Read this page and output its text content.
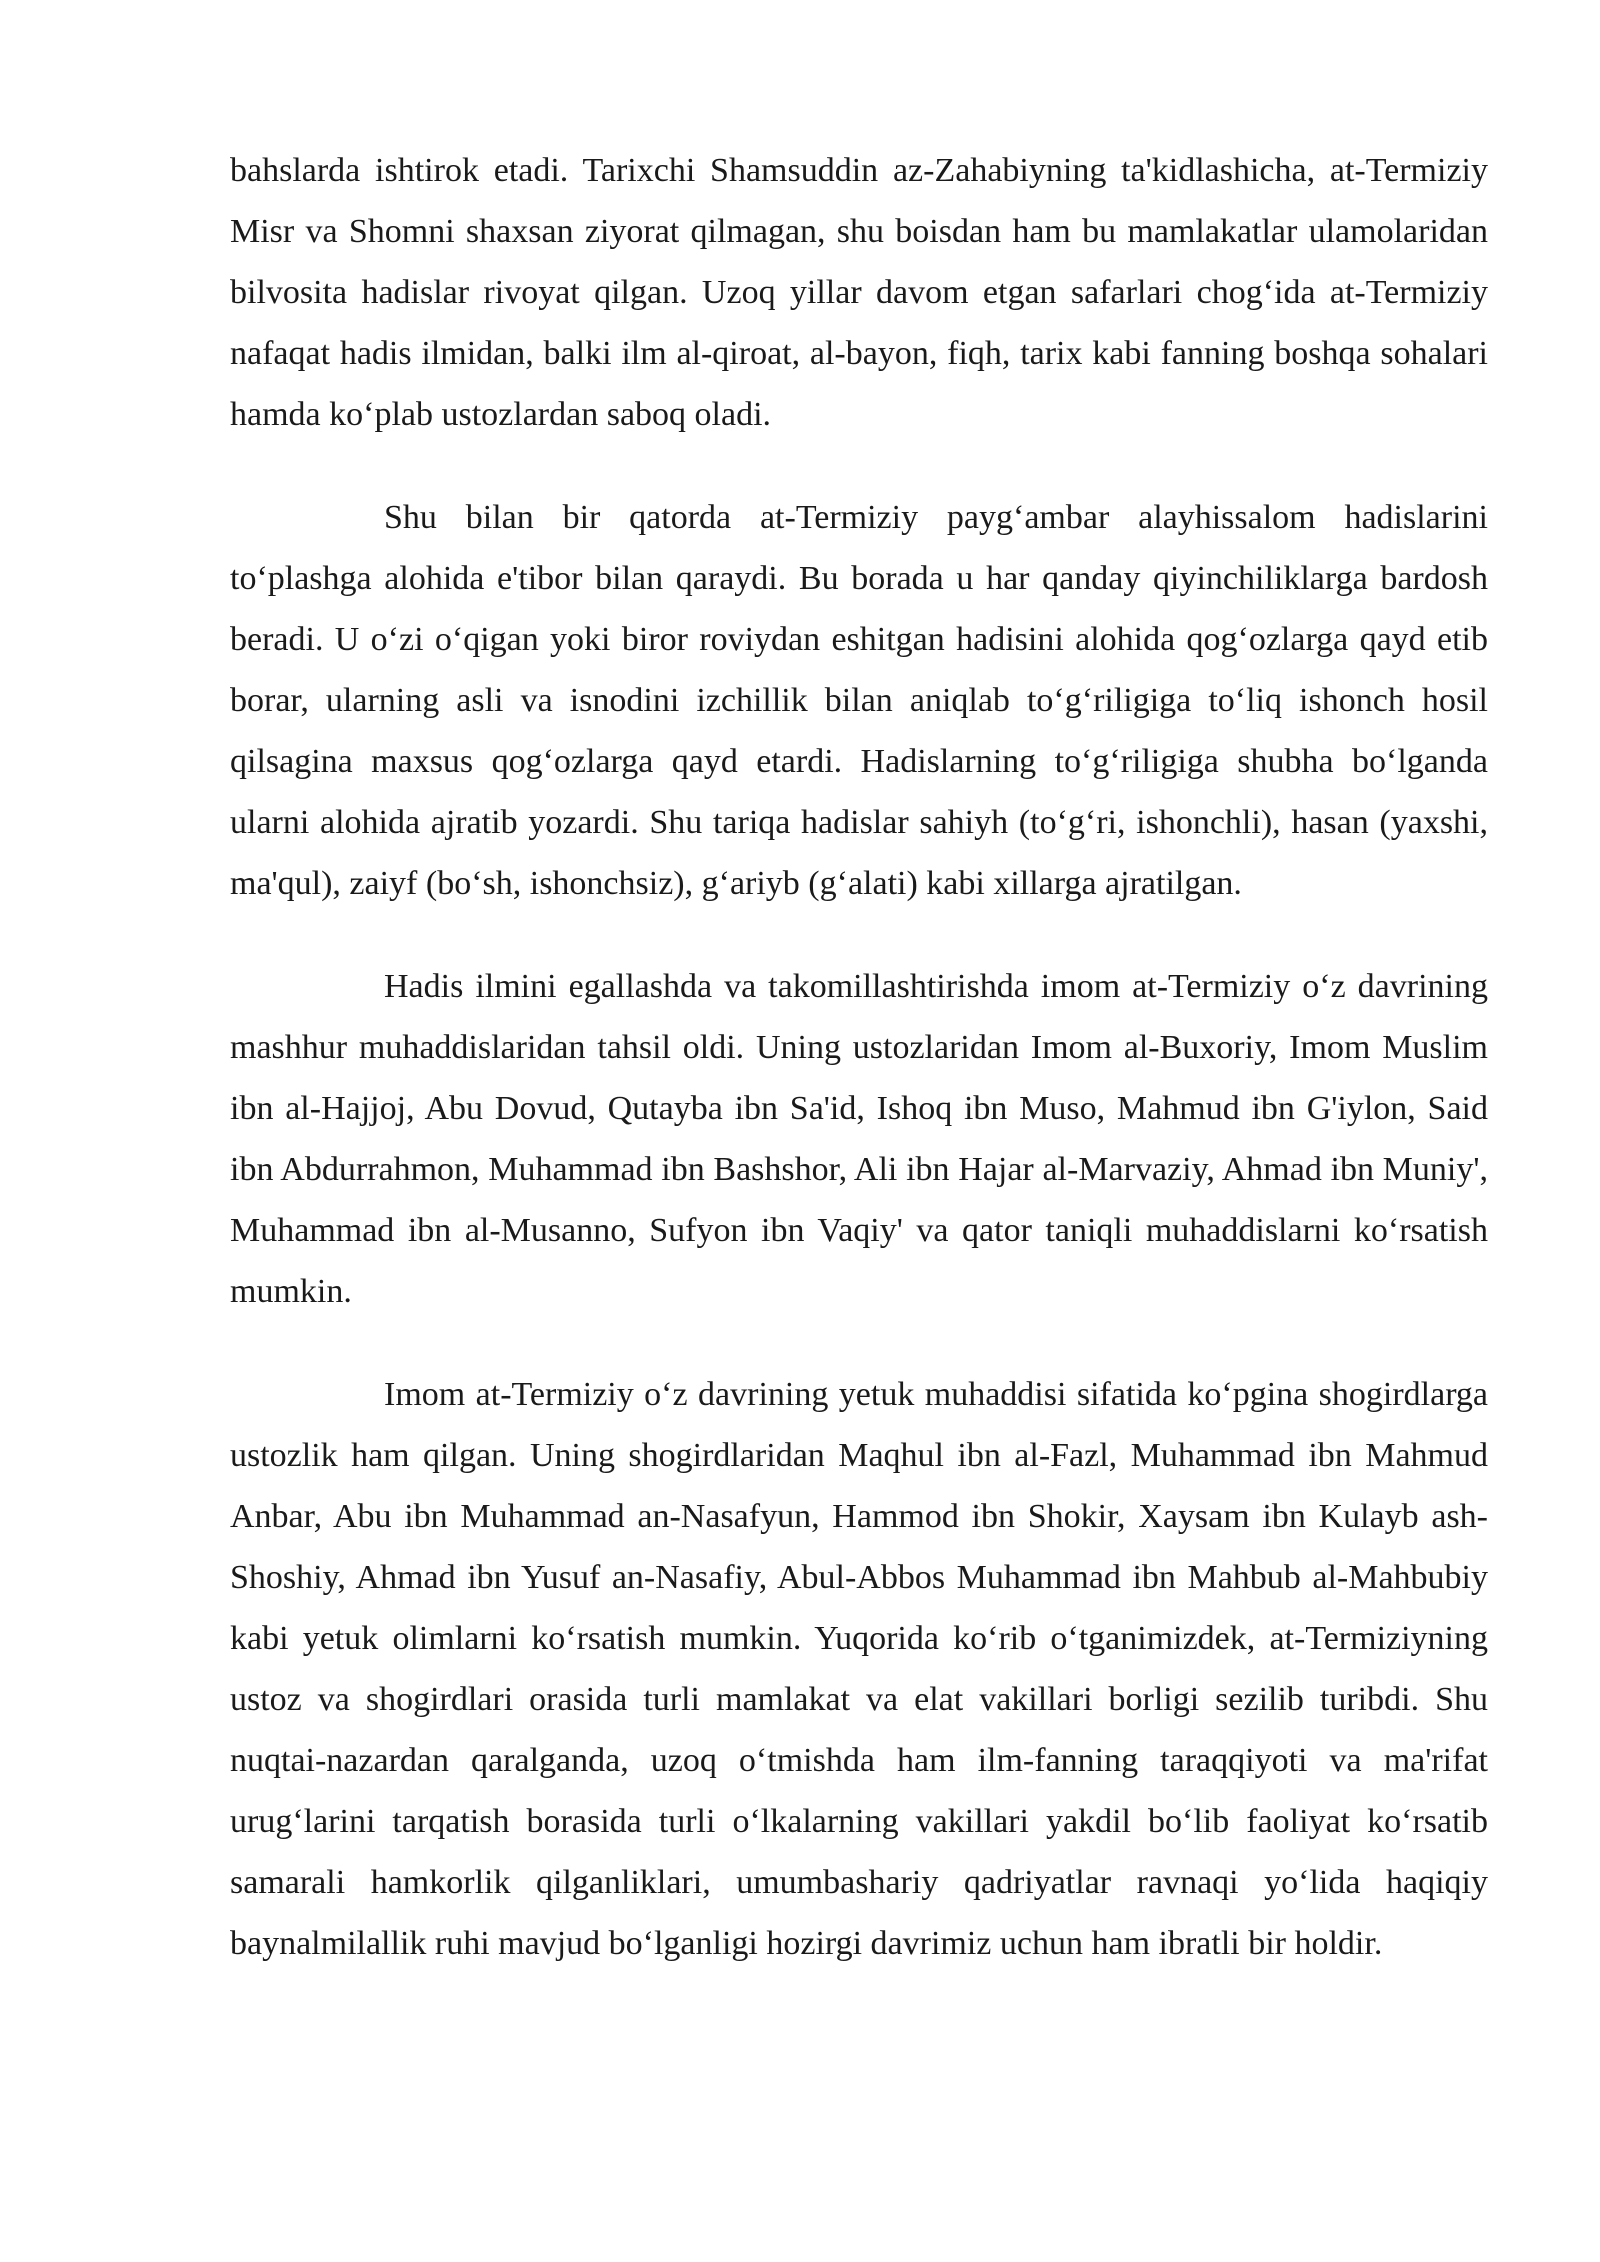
bahslarda ishtirok etadi. Tarixchi Shamsuddin az-Zahabiyning ta'kidlashicha, at-Termiziy Misr va Shomni shaxsan ziyorat qilmagan, shu boisdan ham bu mamlakatlar ulamolaridan bilvosita hadislar rivoyat qilgan. Uzoq yillar davom etgan safarlari chog‘ida at-Termiziy nafaqat hadis ilmidan, balki ilm al-qiroat, al-bayon, fiqh, tarix kabi fanning boshqa sohalari hamda ko‘plab ustozlardan saboq oladi.

Shu bilan bir qatorda at-Termiziy payg‘ambar alayhissalom hadislarini to‘plashga alohida e'tibor bilan qaraydi. Bu borada u har qanday qiyinchiliklarga bardosh beradi. U o‘zi o‘qigan yoki biror roviydan eshitgan hadisini alohida qog‘ozlarga qayd etib borar, ularning asli va isnodini izchillik bilan aniqlab to‘g‘riligiga to‘liq ishonch hosil qilsagina maxsus qog‘ozlarga qayd etardi. Hadislarning to‘g‘riligiga shubha bo‘lganda ularni alohida ajratib yozardi. Shu tariqa hadislar sahiyh (to‘g‘ri, ishonchli), hasan (yaxshi, ma'qul), zaiyf (bo‘sh, ishonchsiz), g‘ariyb (g‘alati) kabi xillarga ajratilgan.

Hadis ilmini egallashda va takomillashtirishda imom at-Termiziy o‘z davrining mashhur muhaddislaridan tahsil oldi. Uning ustozlaridan Imom al-Buxoriy, Imom Muslim ibn al-Hajjoj, Abu Dovud, Qutayba ibn Sa'id, Ishoq ibn Muso, Mahmud ibn G'iylon, Said ibn Abdurrahmon, Muhammad ibn Bashshor, Ali ibn Hajar al-Marvaziy, Ahmad ibn Muniy', Muhammad ibn al-Musanno, Sufyon ibn Vaqiy' va qator taniqli muhaddislarni ko‘rsatish mumkin.

Imom at-Termiziy o‘z davrining yetuk muhaddisi sifatida ko‘pgina shogirdlarga ustozlik ham qilgan. Uning shogirdlaridan Maqhul ibn al-Fazl, Muhammad ibn Mahmud Anbar, Abu ibn Muhammad an-Nasafyun, Hammod ibn Shokir, Xaysam ibn Kulayb ash-Shoshiy, Ahmad ibn Yusuf an-Nasafiy, Abul-Abbos Muhammad ibn Mahbub al-Mahbubiy kabi yetuk olimlarni ko‘rsatish mumkin. Yuqorida ko‘rib o‘tganimizdek, at-Termiziyning ustoz va shogirdlari orasida turli mamlakat va elat vakillari borligi sezilib turibdi. Shu nuqtai-nazardan qaralganda, uzoq o‘tmishda ham ilm-fanning taraqqiyoti va ma'rifat urug‘larini tarqatish borasida turli o‘lkalarning vakillari yakdil bo‘lib faoliyat ko‘rsatib samarali hamkorlik qilganliklari, umumbashariy qadriyatlar ravnaqi yo‘lida haqiqiy baynalmilallik ruhi mavjud bo‘lganligi hozirgi davrimiz uchun ham ibratli bir holdir.
